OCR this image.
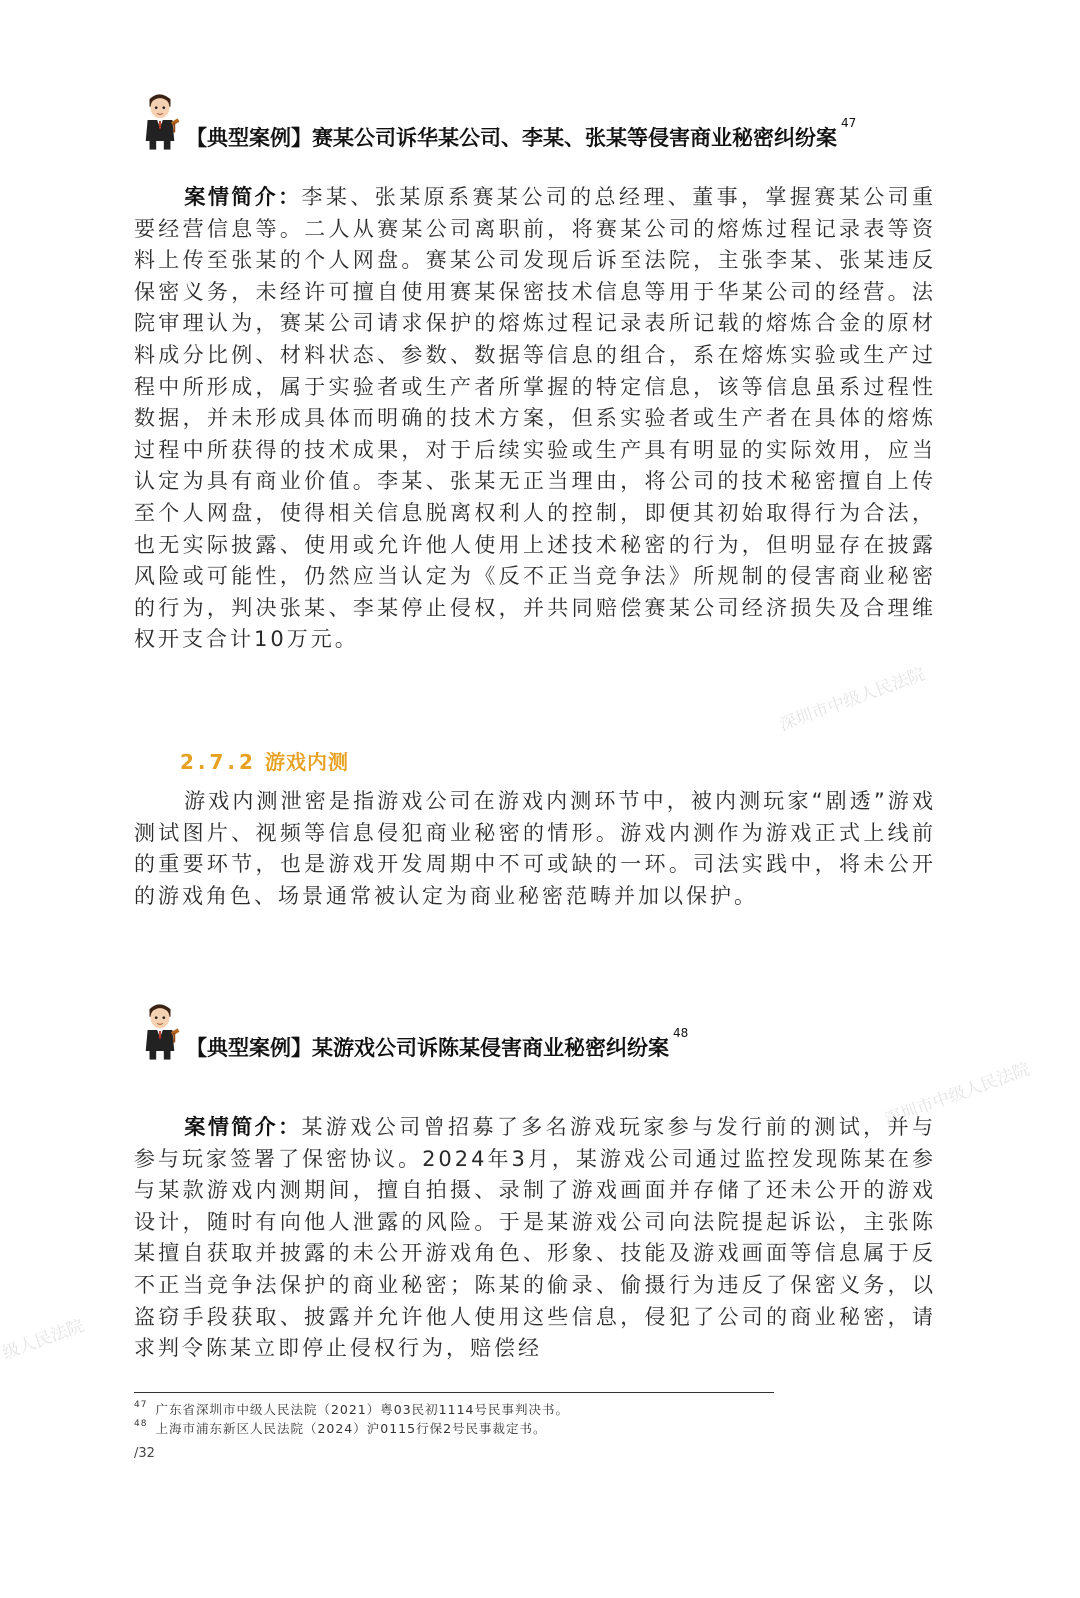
【典型案例】赛某公司诉华某公司、李某、张某等侵害商业秘密纠纷案$^{47}$
案情简介：李某、张某原系赛某公司的总经理、董事，掌握赛某公司重要经营信息等。二人从赛某公司离职前，将赛某公司的熔炼过程记录表等资料上传至张某的个人网盘。赛某公司发现后诉至法院，主张李某、张某违反保密义务，未经许可擅自使用赛某保密技术信息等用于华某公司的经营。法院审理认为，赛某公司请求保护的熔炼过程记录表所记载的熔炼合金的原材料成分比例、材料状态、参数、数据等信息的组合，系在熔炼实验或生产过程中所形成，属于实验者或生产者所掌握的特定信息，该等信息虽系过程性数据，并未形成具体而明确的技术方案，但系实验者或生产者在具体的熔炼过程中所获得的技术成果，对于后续实验或生产具有明显的实际效用，应当认定为具有商业价值。李某、张某无正当理由，将公司的技术秘密擅自上传至个人网盘，使得相关信息脱离权利人的控制，即便其初始取得行为合法，也无实际披露、使用或允许他人使用上述技术秘密的行为，但明显存在披露风险或可能性，仍然应当认定为《反不正当竞争法》所规制的侵害商业秘密的行为，判决张某、李某停止侵权，并共同赔偿赛某公司经济损失及合理维权开支合计10万元。
深圳市中级人民法院
2.7.2 游戏内测
游戏内测泄密是指游戏公司在游戏内测环节中，被内测玩家“剧透”游戏测试图片、视频等信息侵犯商业秘密的情形。游戏内测作为游戏正式上线前的重要环节，也是游戏开发周期中不可或缺的一环。司法实践中，将未公开的游戏角色、场景通常被认定为商业秘密范畴并加以保护。
【典型案例】某游戏公司诉陈某侵害商业秘密纠纷案$^{48}$
深圳市中级人民法院
案情简介：某游戏公司曾招募了多名游戏玩家参与发行前的测试，并与参与玩家签署了保密协议。2024年3月，某游戏公司通过监控发现陈某在参与某款游戏内测期间，擅自拍摄、录制了游戏画面并存储了还未公开的游戏设计，随时有向他人泄露的风险。于是某游戏公司向法院提起诉讼，主张陈某擅自获取并披露的未公开游戏角色、形象、技能及游戏画面等信息属于反不正当竞争法保护的商业秘密；陈某的偷录、偷摄行为违反了保密义务，以盗窃手段获取、披露并允许他人使用这些信息，侵犯了公司的商业秘密，请求判令陈某立即停止侵权行为，赔偿经
级人民法院
$^{47}$ 广东省深圳市中级人民法院（2021）粤03民初1114号民事判决书。
$^{48}$ 上海市浦东新区人民法院（2024）沪0115行保2号民事裁定书。
/32
